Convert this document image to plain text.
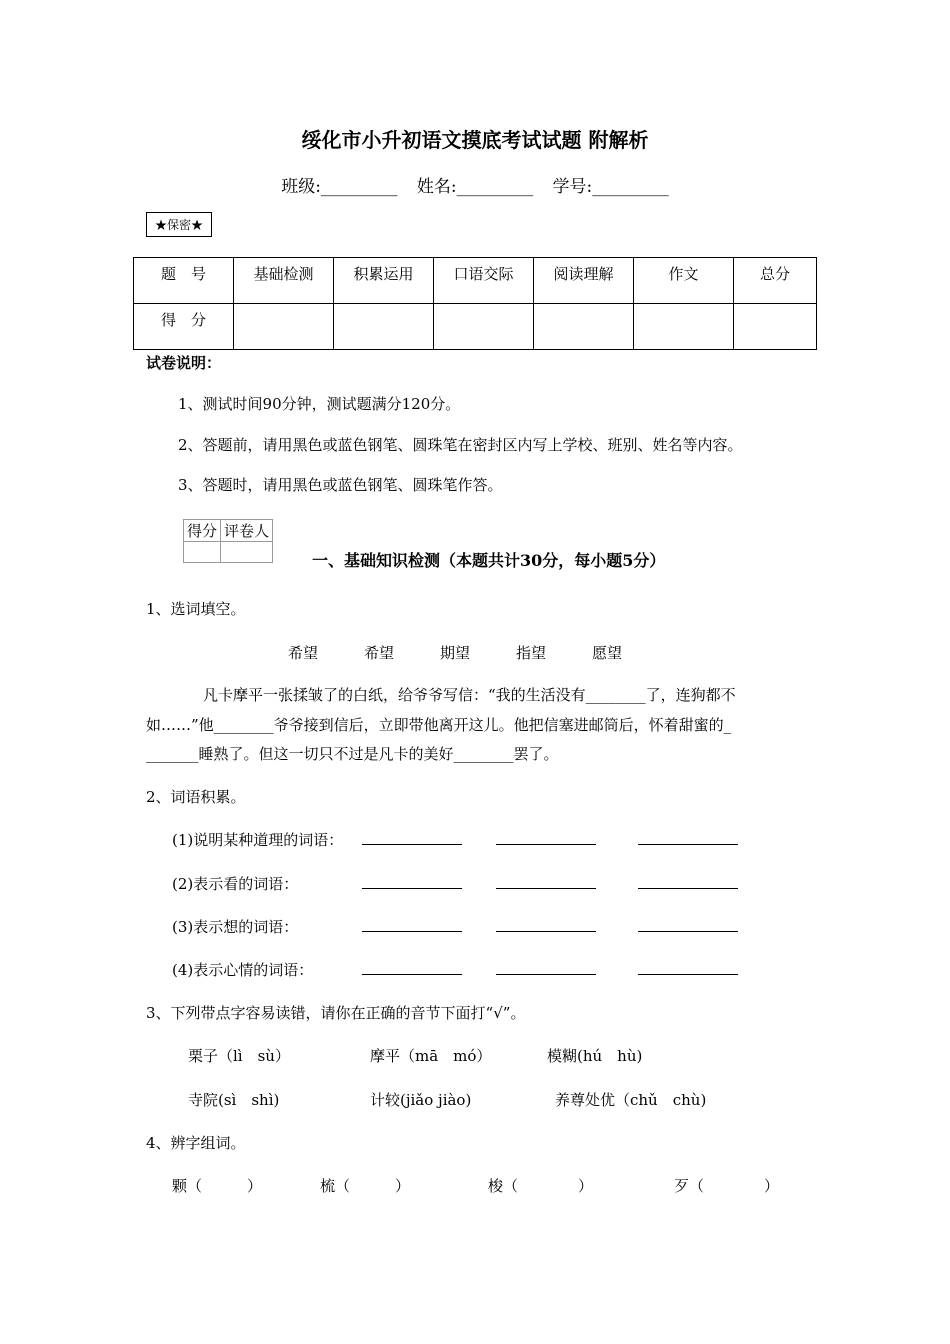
绥化市小升初语文摸底考试试题 附解析
班级:_________ 姓名:_________ 学号:_________
★保密★
题　号	基础检测	积累运用	口语交际	阅读理解	作文	总分
得　分						
试卷说明：
1、测试时间90分钟，测试题满分120分。
2、答题前，请用黑色或蓝色钢笔、圆珠笔在密封区内写上学校、班别、姓名等内容。
3、答题时，请用黑色或蓝色钢笔、圆珠笔作答。
得分	评卷人

一、基础知识检测（本题共计30分，每小题5分）
1、选词填空。
希望	希望	期望	指望	愿望
凡卡摩平一张揉皱了的白纸，给爷爷写信：“我的生活没有________了，连狗都不
如……”他________爷爷接到信后，立即带他离开这儿。他把信塞进邮筒后，怀着甜蜜的_
_______睡熟了。但这一切只不过是凡卡的美好________罢了。
2、词语积累。
(1)说明某种道理的词语：
(2)表示看的词语：
(3)表示想的词语：
(4)表示心情的词语：
3、下列带点字容易读错，请你在正确的音节下面打“√”。
栗子（lì　sù）	摩平（mā　mó）	模糊(hú　hù)
寺院(sì　shì)	计较(jiǎo jiào)	养尊处优（chǔ　chù)
4、辨字组词。
颗（　　　）	梳（　　　）	梭（　　　　）	歹（　　　　）
